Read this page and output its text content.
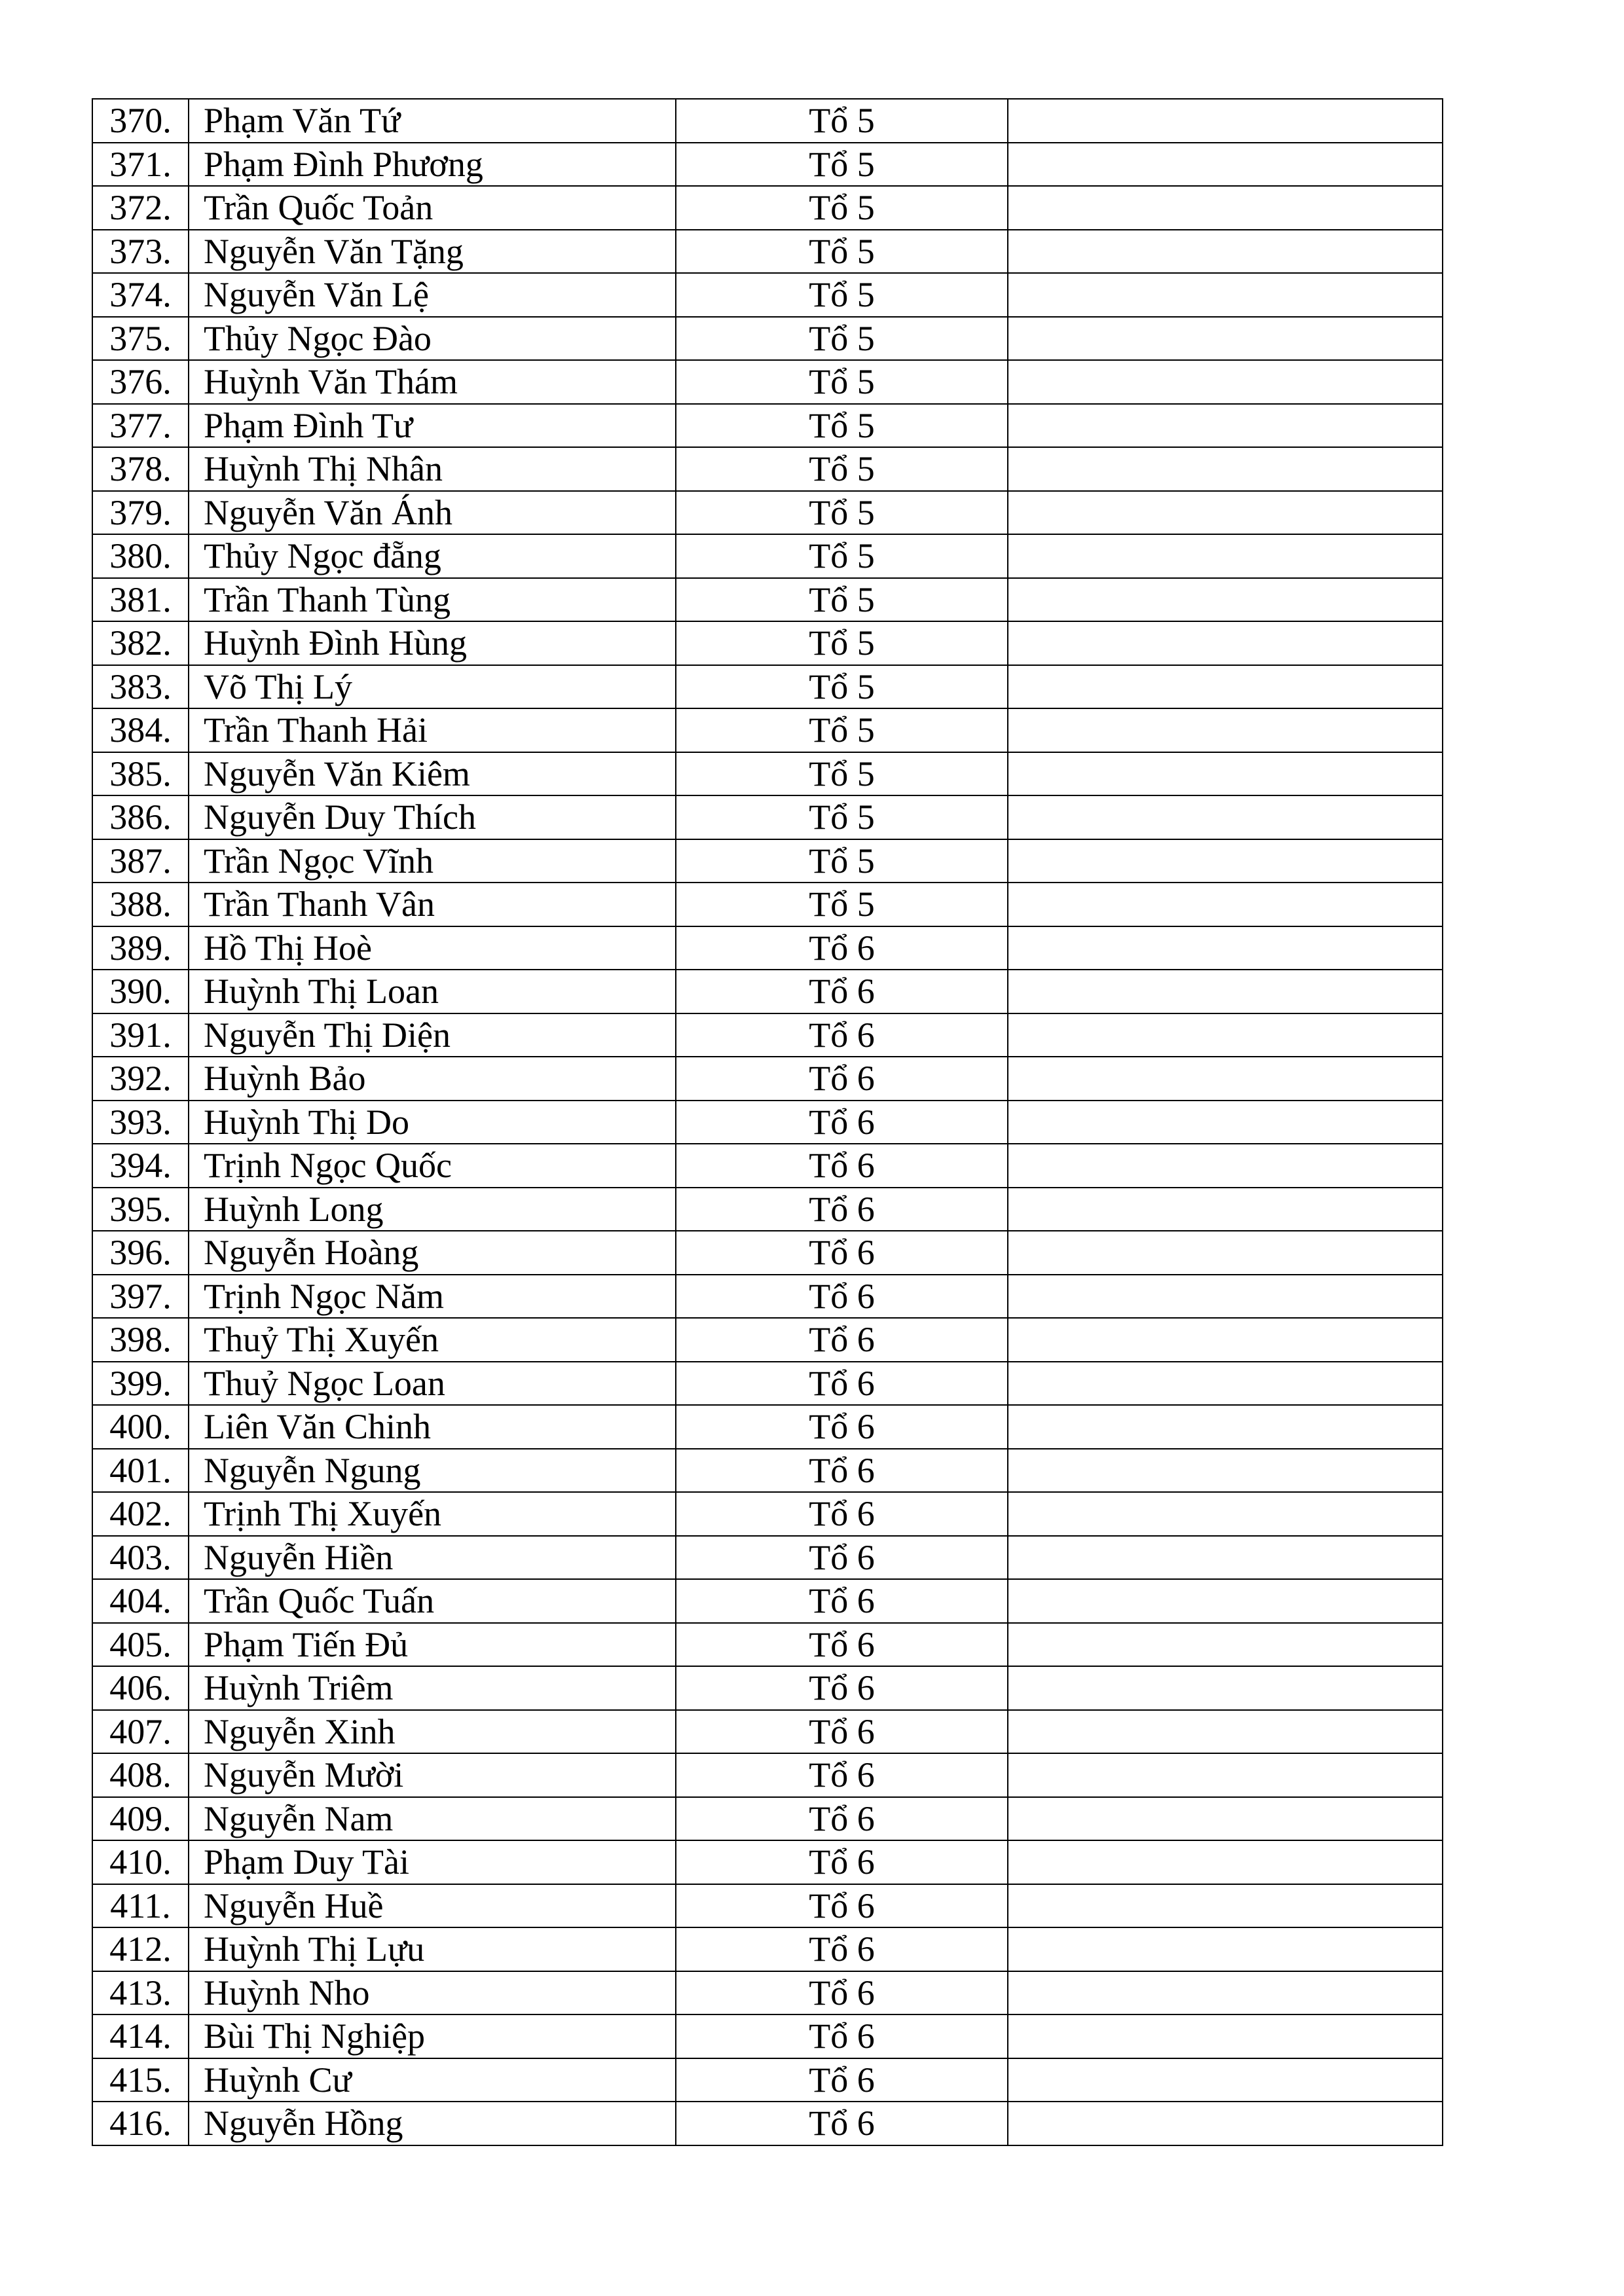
370.	Phạm Văn Tứ	Tổ 5	
371.	Phạm Đình Phương	Tổ 5	
372.	Trần Quốc Toản	Tổ 5	
373.	Nguyễn Văn Tặng	Tổ 5	
374.	Nguyễn Văn Lệ	Tổ 5	
375.	Thủy Ngọc Đào	Tổ 5	
376.	Huỳnh Văn Thám	Tổ 5	
377.	Phạm Đình Tư	Tổ 5	
378.	Huỳnh Thị Nhân	Tổ 5	
379.	Nguyễn Văn Ánh	Tổ 5	
380.	Thủy Ngọc đẵng	Tổ 5	
381.	Trần Thanh Tùng	Tổ 5	
382.	Huỳnh Đình Hùng	Tổ 5	
383.	Võ Thị Lý	Tổ 5	
384.	Trần Thanh Hải	Tổ 5	
385.	Nguyễn Văn Kiêm	Tổ 5	
386.	Nguyễn Duy Thích	Tổ 5	
387.	Trần Ngọc Vĩnh	Tổ 5	
388.	Trần Thanh Vân	Tổ 5	
389.	Hồ Thị Hoè	Tổ 6	
390.	Huỳnh Thị Loan	Tổ 6	
391.	Nguyễn Thị Diện	Tổ 6	
392.	Huỳnh Bảo	Tổ 6	
393.	Huỳnh Thị Do	Tổ 6	
394.	Trịnh Ngọc Quốc	Tổ 6	
395.	Huỳnh Long	Tổ 6	
396.	Nguyễn Hoàng	Tổ 6	
397.	Trịnh Ngọc Năm	Tổ 6	
398.	Thuỷ Thị Xuyến	Tổ 6	
399.	Thuỷ Ngọc Loan	Tổ 6	
400.	Liên Văn Chinh	Tổ 6	
401.	Nguyễn Ngung	Tổ 6	
402.	Trịnh Thị Xuyến	Tổ 6	
403.	Nguyễn Hiền	Tổ 6	
404.	Trần Quốc Tuấn	Tổ 6	
405.	Phạm Tiến Đủ	Tổ 6	
406.	Huỳnh Triêm	Tổ 6	
407.	Nguyễn Xinh	Tổ 6	
408.	Nguyễn Mười	Tổ 6	
409.	Nguyễn Nam	Tổ 6	
410.	Phạm Duy Tài	Tổ 6	
411.	Nguyễn Huề	Tổ 6	
412.	Huỳnh Thị Lựu	Tổ 6	
413.	Huỳnh Nho	Tổ 6	
414.	Bùi Thị Nghiệp	Tổ 6	
415.	Huỳnh Cư	Tổ 6	
416.	Nguyễn Hồng	Tổ 6	
